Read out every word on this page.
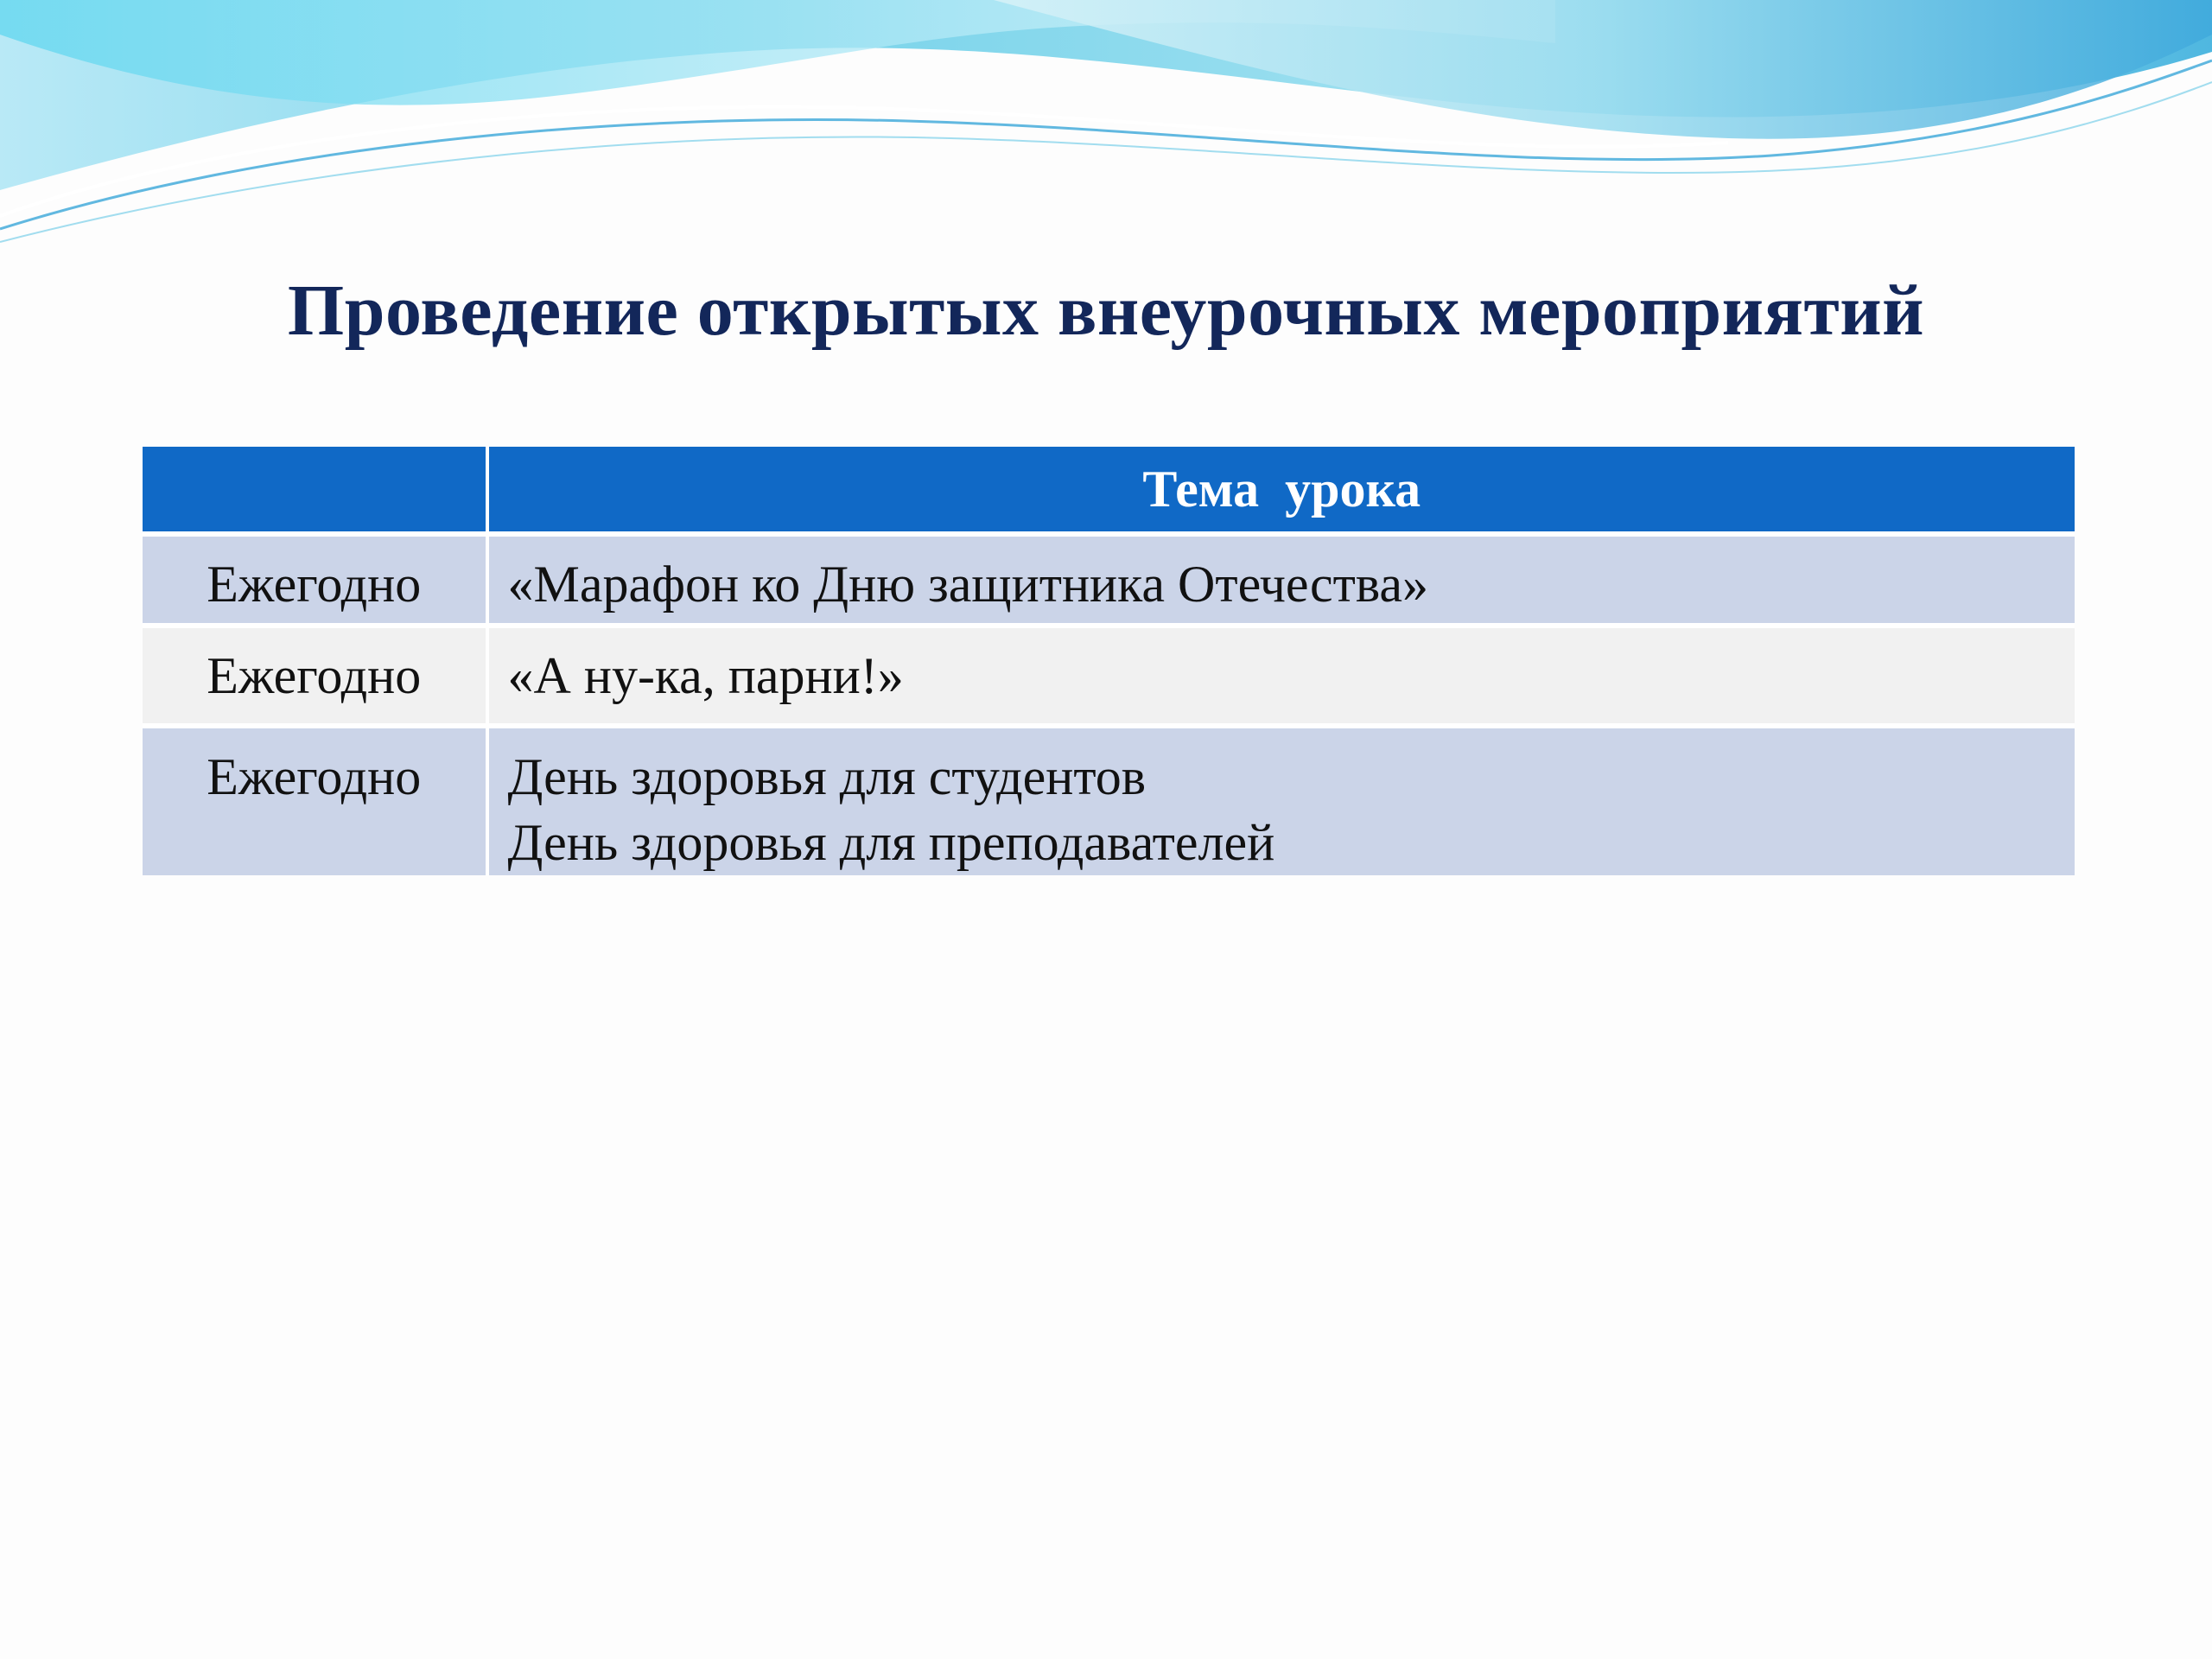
Проведение открытых внеурочных мероприятий
	Тема  урока

Ежегодно	«Марафон ко Дню защитника Отечества»

Ежегодно	«А ну-ка, парни!»

Ежегодно	День здоровья для студентов
День здоровья для преподавателей
